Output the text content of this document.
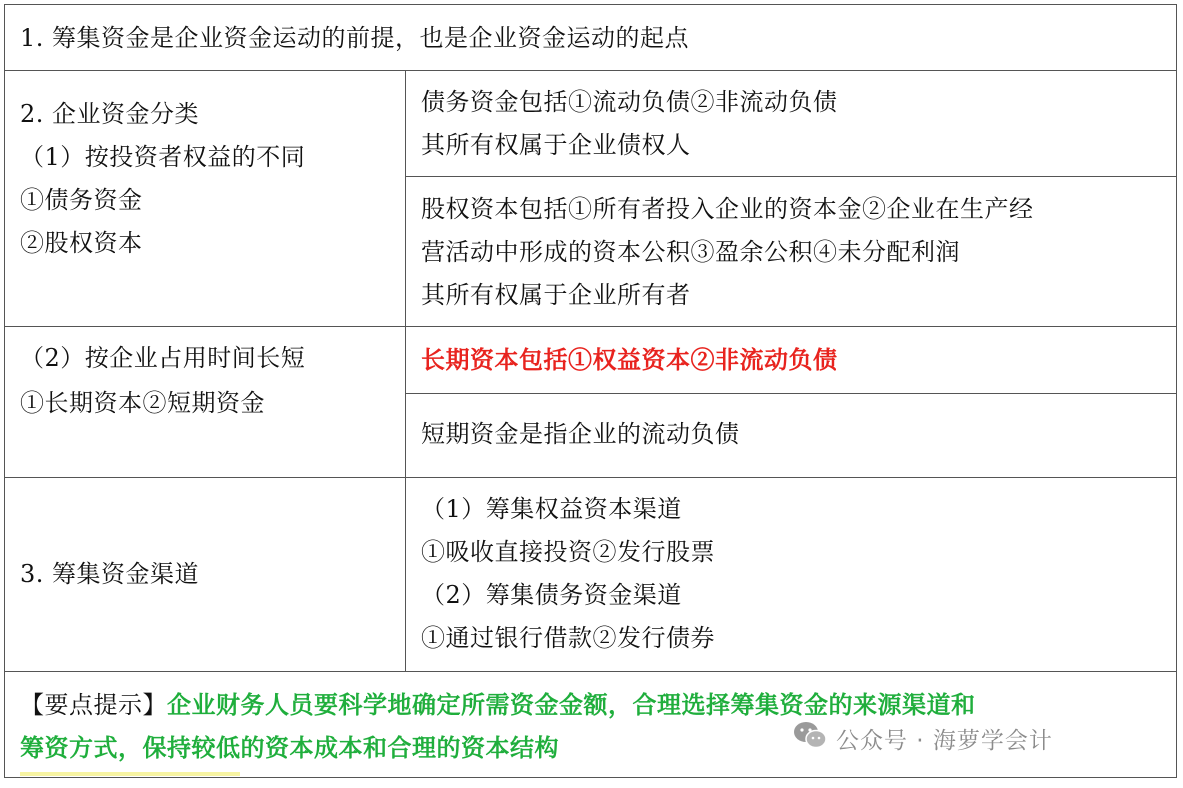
1. 筹集资金是企业资金运动的前提，也是企业资金运动的起点
2. 企业资金分类
（1）按投资者权益的不同
①债务资金
②股权资本
债务资金包括①流动负债②非流动负债
其所有权属于企业债权人
股权资本包括①所有者投入企业的资本金②企业在生产经
营活动中形成的资本公积③盈余公积④未分配利润
其所有权属于企业所有者
（2）按企业占用时间长短
①长期资本②短期资金
长期资本包括①权益资本②非流动负债
短期资金是指企业的流动负债
3. 筹集资金渠道
（1）筹集权益资本渠道
①吸收直接投资②发行股票
（2）筹集债务资金渠道
①通过银行借款②发行债券
【要点提示】企业财务人员要科学地确定所需资金金额，合理选择筹集资金的来源渠道和
筹资方式，保持较低的资本成本和合理的资本结构	公众号 · 海萝学会计
